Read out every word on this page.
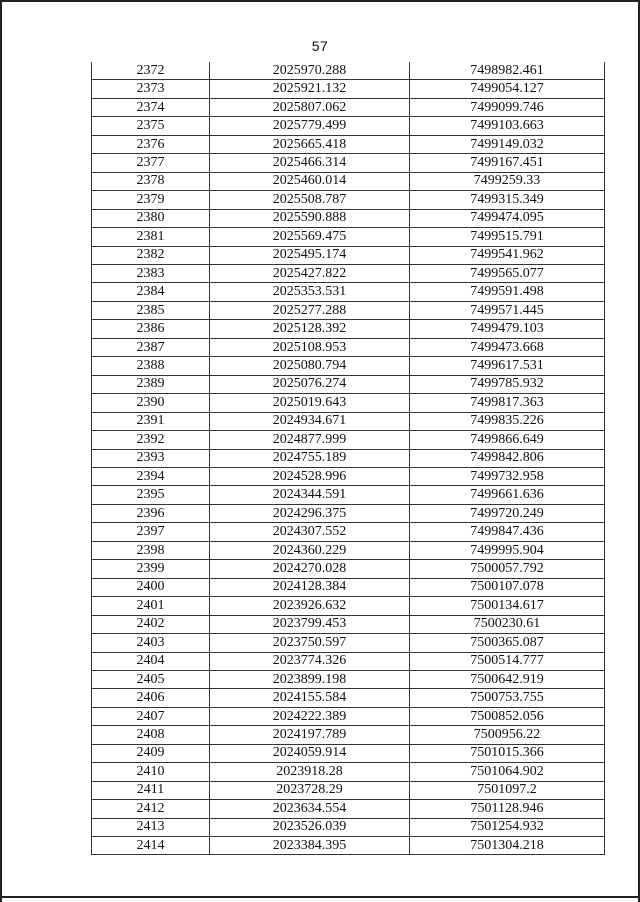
57
2372	2025970.288	7498982.461
2373	2025921.132	7499054.127
2374	2025807.062	7499099.746
2375	2025779.499	7499103.663
2376	2025665.418	7499149.032
2377	2025466.314	7499167.451
2378	2025460.014	7499259.33
2379	2025508.787	7499315.349
2380	2025590.888	7499474.095
2381	2025569.475	7499515.791
2382	2025495.174	7499541.962
2383	2025427.822	7499565.077
2384	2025353.531	7499591.498
2385	2025277.288	7499571.445
2386	2025128.392	7499479.103
2387	2025108.953	7499473.668
2388	2025080.794	7499617.531
2389	2025076.274	7499785.932
2390	2025019.643	7499817.363
2391	2024934.671	7499835.226
2392	2024877.999	7499866.649
2393	2024755.189	7499842.806
2394	2024528.996	7499732.958
2395	2024344.591	7499661.636
2396	2024296.375	7499720.249
2397	2024307.552	7499847.436
2398	2024360.229	7499995.904
2399	2024270.028	7500057.792
2400	2024128.384	7500107.078
2401	2023926.632	7500134.617
2402	2023799.453	7500230.61
2403	2023750.597	7500365.087
2404	2023774.326	7500514.777
2405	2023899.198	7500642.919
2406	2024155.584	7500753.755
2407	2024222.389	7500852.056
2408	2024197.789	7500956.22
2409	2024059.914	7501015.366
2410	2023918.28	7501064.902
2411	2023728.29	7501097.2
2412	2023634.554	7501128.946
2413	2023526.039	7501254.932
2414	2023384.395	7501304.218
